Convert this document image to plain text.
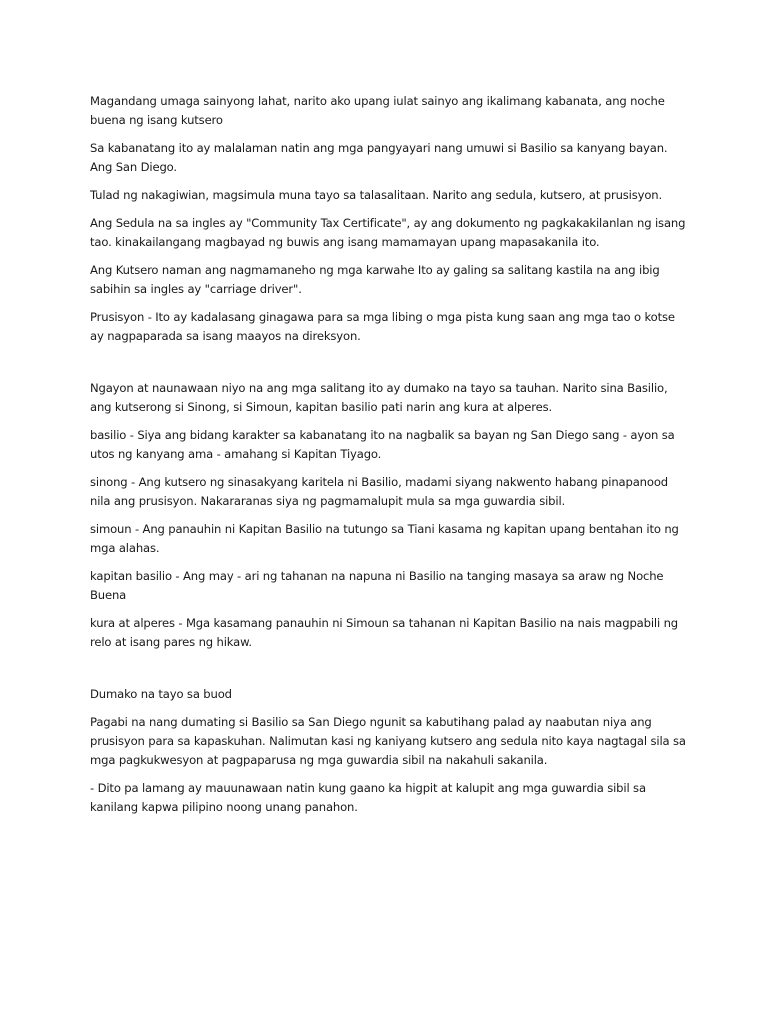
Magandang umaga sainyong lahat, narito ako upang iulat sainyo ang ikalimang kabanata, ang noche buena ng isang kutsero

Sa kabanatang ito ay malalaman natin ang mga pangyayari nang umuwi si Basilio sa kanyang bayan. Ang San Diego.

Tulad ng nakagiwian, magsimula muna tayo sa talasalitaan. Narito ang sedula, kutsero, at prusisyon.

Ang Sedula na sa ingles ay "Community Tax Certificate", ay ang dokumento ng pagkakakilanlan ng isang tao. kinakailangang magbayad ng buwis ang isang mamamayan upang mapasakanila ito.

Ang Kutsero naman ang nagmamaneho ng mga karwahe Ito ay galing sa salitang kastila na ang ibig sabihin sa ingles ay "carriage driver".

Prusisyon - Ito ay kadalasang ginagawa para sa mga libing o mga pista kung saan ang mga tao o kotse ay nagpaparada sa isang maayos na direksyon.

Ngayon at naunawaan niyo na ang mga salitang ito ay dumako na tayo sa tauhan. Narito sina Basilio, ang kutserong si Sinong, si Simoun, kapitan basilio pati narin ang kura at alperes.

basilio - Siya ang bidang karakter sa kabanatang ito na nagbalik sa bayan ng San Diego sang - ayon sa utos ng kanyang ama - amahang si Kapitan Tiyago.

sinong - Ang kutsero ng sinasakyang karitela ni Basilio, madami siyang nakwento habang pinapanood nila ang prusisyon. Nakararanas siya ng pagmamalupit mula sa mga guwardia sibil.

simoun - Ang panauhin ni Kapitan Basilio na tutungo sa Tiani kasama ng kapitan upang bentahan ito ng mga alahas.

kapitan basilio - Ang may - ari ng tahanan na napuna ni Basilio na tanging masaya sa araw ng Noche Buena

kura at alperes - Mga kasamang panauhin ni Simoun sa tahanan ni Kapitan Basilio na nais magpabili ng relo at isang pares ng hikaw.

Dumako na tayo sa buod

Pagabi na nang dumating si Basilio sa San Diego ngunit sa kabutihang palad ay naabutan niya ang prusisyon para sa kapaskuhan. Nalimutan kasi ng kaniyang kutsero ang sedula nito kaya nagtagal sila sa mga pagkukwesyon at pagpaparusa ng mga guwardia sibil na nakahuli sakanila.

- Dito pa lamang ay mauunawaan natin kung gaano ka higpit at kalupit ang mga guwardia sibil sa kanilang kapwa pilipino noong unang panahon.
